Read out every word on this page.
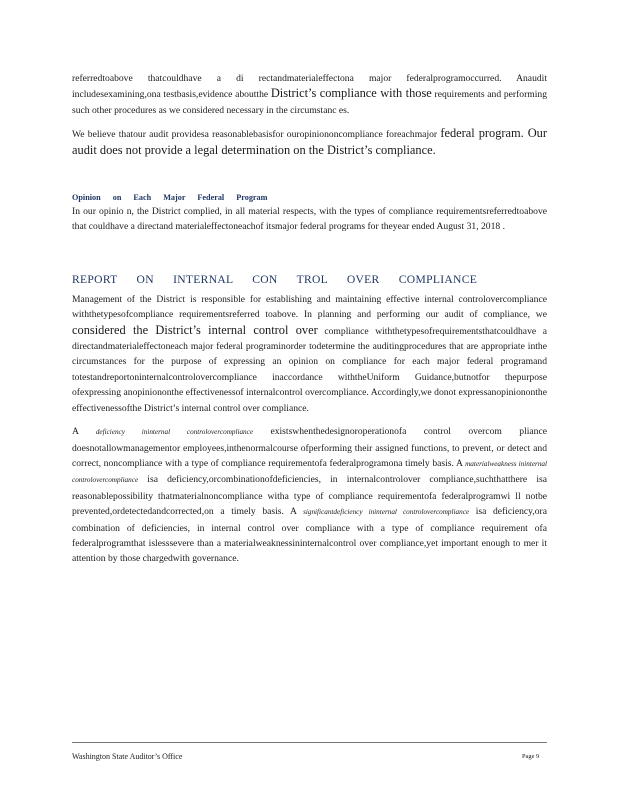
referredtoabove thatcouldhave a di rectandmaterialeffectona major federalprogramoccurred. Anaudit includesexamining,ona testbasis,evidence aboutthe District’s compliance with those requirements and performing such other procedures as we considered necessary in the circumstanc es.

We believe thatour audit providesa reasonablebasisfor ouropiniononcompliance foreachmajor federal program. Our audit does not provide a legal determination on the District’s compliance.

Opinion on Each Major Federal Program

In our opinio n, the District complied, in all material respects, with the types of compliance requirementsreferredtoabove that couldhave a directand materialeffectoneachof itsmajor federal programs for theyear ended August 31, 2018 .

REPORT ON INTERNAL CON TROL OVER COMPLIANCE

Management of the District is responsible for establishing and maintaining effective internal controlovercompliance withthetypesofcompliance requirementsreferred toabove. In planning and performing our audit of compliance, we considered the District’s internal control over compliance withthetypesofrequirementsthatcouldhave a directandmaterialeffectoneach major federal programinorder todetermine the auditingprocedures that are appropriate inthe circumstances for the purpose of expressing an opinion on compliance for each major federal programand totestandreportoninternalcontrolovercompliance inaccordance withtheUniform Guidance,butnotfor thepurpose ofexpressing anopiniononthe effectivenessof internalcontrol overcompliance. Accordingly,we donot expressanopiniononthe effectivenessofthe District’s internal control over compliance.

A deficiency ininternal controlovercompliance existswhenthedesignoroperationofa control overcom pliance doesnotallowmanagementor employees,inthenormalcourse ofperforming their assigned functions, to prevent, or detect and correct, noncompliance with a type of compliance requirementofa federalprogramona timely basis. A materialweakness ininternal controlovercompliance isa deficiency,orcombinationofdeficiencies, in internalcontrolover compliance,suchthatthere isa reasonablepossibility thatmaterialnoncompliance witha type of compliance requirementofa federalprogramwi ll notbe prevented,ordetectedandcorrected,on a timely basis. A significantdeficiency ininternal controlovercompliance isa deficiency,ora combination of deficiencies, in internal control over compliance with a type of compliance requirement ofa federalprogramthat islesssevere than a materialweaknessininternalcontrol over compliance,yet important enough to mer it attention by those chargedwith governance.

Washington State Auditor’s Office	Page 9
